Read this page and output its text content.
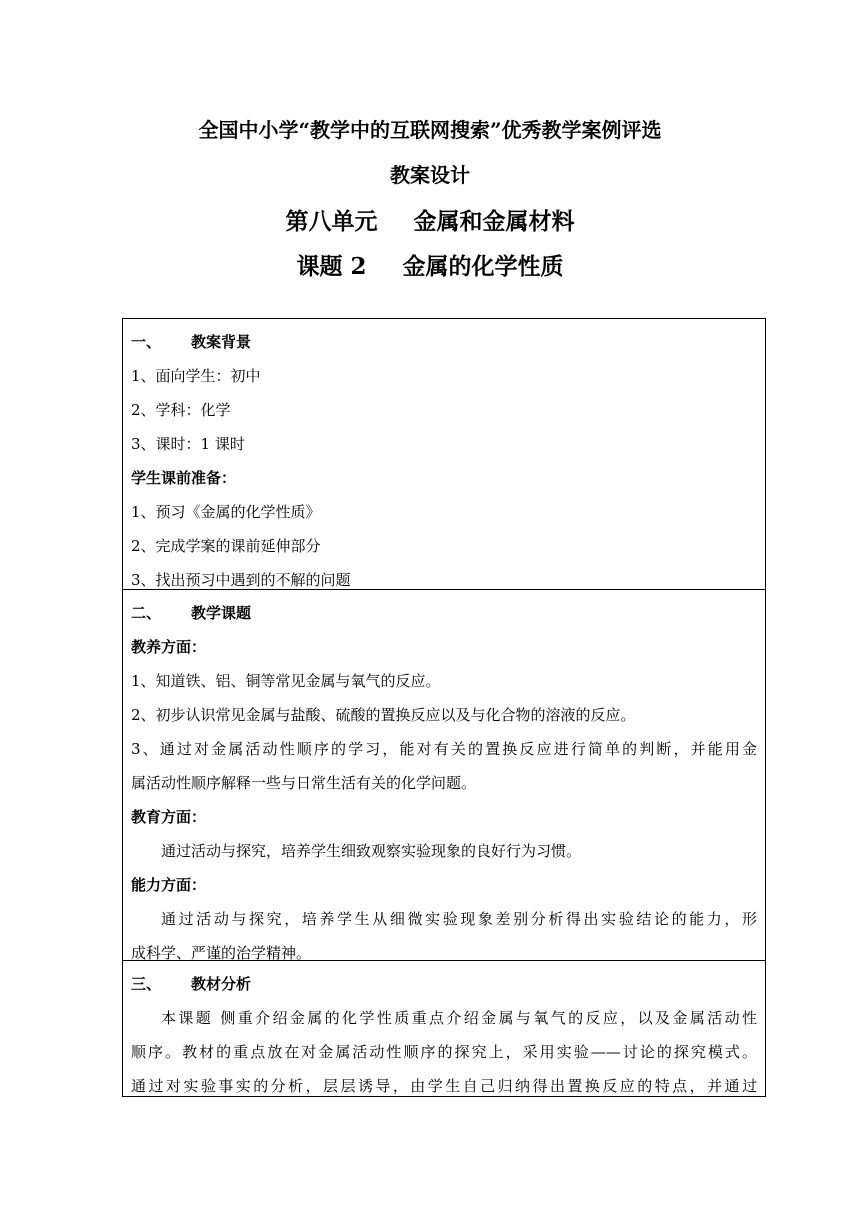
全国中小学“教学中的互联网搜索”优秀教学案例评选
教案设计
第八单元 金属和金属材料
课题 2 金属的化学性质
一、 教案背景
1、面向学生：初中
2、学科：化学
3、课时：1 课时
学生课前准备：
1、预习《金属的化学性质》
2、完成学案的课前延伸部分
3、找出预习中遇到的不解的问题
二、 教学课题
教养方面：
1、知道铁、铝、铜等常见金属与氧气的反应。
2、初步认识常见金属与盐酸、硫酸的置换反应以及与化合物的溶液的反应。
3、通过对金属活动性顺序的学习，能对有关的置换反应进行简单的判断，并能用金
属活动性顺序解释一些与日常生活有关的化学问题。
教育方面：
通过活动与探究，培养学生细致观察实验现象的良好行为习惯。
能力方面：
通过活动与探究，培养学生从细微实验现象差别分析得出实验结论的能力，形
成科学、严谨的治学精神。
三、 教材分析
本课题 侧重介绍金属的化学性质重点介绍金属与氧气的反应，以及金属活动性
顺序。教材的重点放在对金属活动性顺序的探究上，采用实验——讨论的探究模式。
通过对实验事实的分析，层层诱导，由学生自己归纳得出置换反应的特点，并通过
